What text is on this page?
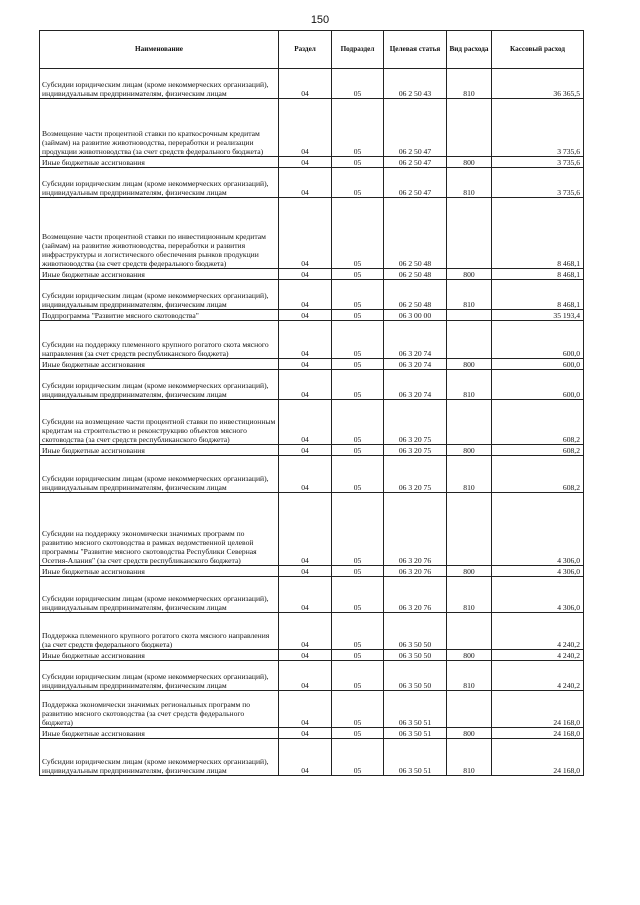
150
Наименование	Раздел	Подраздел	Целевая статья	Вид расхода	Кассовый расход
Субсидии юридическим лицам (кроме некоммерческих организаций), индивидуальным предпринимателям, физическим лицам	04	05	06 2 50 43	810	36 365,5
Возмещение части процентной ставки по краткосрочным кредитам (займам) на развитие животноводства, переработки и реализации продукции животноводства (за счет средств федерального бюджета)	04	05	06 2 50 47		3 735,6
Иные бюджетные ассигнования	04	05	06 2 50 47	800	3 735,6
Субсидии юридическим лицам (кроме некоммерческих организаций), индивидуальным предпринимателям, физическим лицам	04	05	06 2 50 47	810	3 735,6
Возмещение части процентной ставки по инвестиционным кредитам (займам) на развитие животноводства, переработки и развития инфраструктуры и логистического обеспечения рынков продукции животноводства (за счет средств федерального бюджета)	04	05	06 2 50 48		8 468,1
Иные бюджетные ассигнования	04	05	06 2 50 48	800	8 468,1
Субсидии юридическим лицам (кроме некоммерческих организаций), индивидуальным предпринимателям, физическим лицам	04	05	06 2 50 48	810	8 468,1
Подпрограмма "Развитие мясного скотоводства"	04	05	06 3 00 00		35 193,4
Субсидии на поддержку племенного крупного рогатого скота мясного направления (за счет средств республиканского бюджета)	04	05	06 3 20 74		600,0
Иные бюджетные ассигнования	04	05	06 3 20 74	800	600,0
Субсидии юридическим лицам (кроме некоммерческих организаций), индивидуальным предпринимателям, физическим лицам	04	05	06 3 20 74	810	600,0
Субсидии на возмещение части процентной ставки по инвестиционным кредитам на строительство и реконструкцию объектов мясного скотоводства (за счет средств республиканского бюджета)	04	05	06 3 20 75		608,2
Иные бюджетные ассигнования	04	05	06 3 20 75	800	608,2
Субсидии юридическим лицам (кроме некоммерческих организаций), индивидуальным предпринимателям, физическим лицам	04	05	06 3 20 75	810	608,2
Субсидии на поддержку экономически значимых программ по развитию мясного скотоводства в рамках ведомственной целевой программы "Развитие мясного скотоводства Республики Северная Осетия-Алания" (за счет средств республиканского бюджета)	04	05	06 3 20 76		4 306,0
Иные бюджетные ассигнования	04	05	06 3 20 76	800	4 306,0
Субсидии юридическим лицам (кроме некоммерческих организаций), индивидуальным предпринимателям, физическим лицам	04	05	06 3 20 76	810	4 306,0
Поддержка племенного крупного рогатого скота мясного направления (за счет средств федерального бюджета)	04	05	06 3 50 50		4 240,2
Иные бюджетные ассигнования	04	05	06 3 50 50	800	4 240,2
Субсидии юридическим лицам (кроме некоммерческих организаций), индивидуальным предпринимателям, физическим лицам	04	05	06 3 50 50	810	4 240,2
Поддержка экономически значимых региональных программ по развитию мясного скотоводства (за счет средств федерального бюджета)	04	05	06 3 50 51		24 168,0
Иные бюджетные ассигнования	04	05	06 3 50 51	800	24 168,0
Субсидии юридическим лицам (кроме некоммерческих организаций), индивидуальным предпринимателям, физическим лицам	04	05	06 3 50 51	810	24 168,0
